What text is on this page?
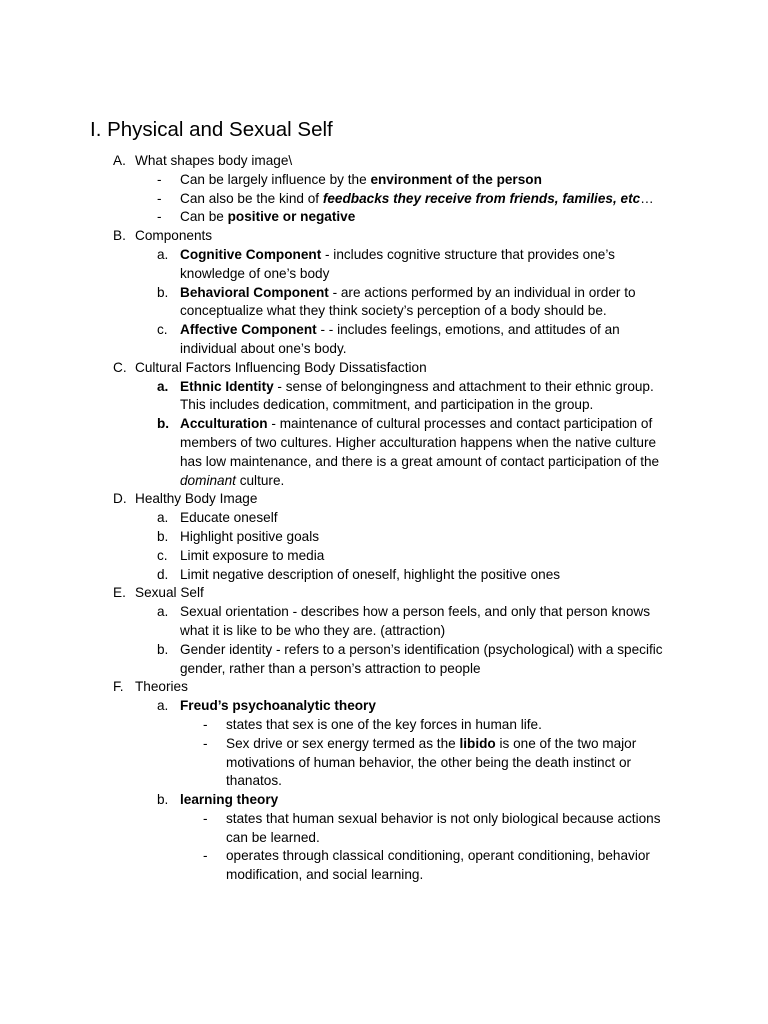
I. Physical and Sexual Self
A. What shapes body image\
- Can be largely influence by the environment of the person
- Can also be the kind of feedbacks they receive from friends, families, etc…
- Can be positive or negative
B. Components
a. Cognitive Component - includes cognitive structure that provides one’s knowledge of one’s body
b. Behavioral Component - are actions performed by an individual in order to conceptualize what they think society’s perception of a body should be.
c. Affective Component - - includes feelings, emotions, and attitudes of an individual about one’s body.
C. Cultural Factors Influencing Body Dissatisfaction
a. Ethnic Identity - sense of belongingness and attachment to their ethnic group. This includes dedication, commitment, and participation in the group.
b. Acculturation - maintenance of cultural processes and contact participation of members of two cultures. Higher acculturation happens when the native culture has low maintenance, and there is a great amount of contact participation of the dominant culture.
D. Healthy Body Image
a. Educate oneself
b. Highlight positive goals
c. Limit exposure to media
d. Limit negative description of oneself, highlight the positive ones
E. Sexual Self
a. Sexual orientation - describes how a person feels, and only that person knows what it is like to be who they are. (attraction)
b. Gender identity - refers to a person’s identification (psychological) with a specific gender, rather than a person’s attraction to people
F. Theories
a. Freud’s psychoanalytic theory
- states that sex is one of the key forces in human life.
- Sex drive or sex energy termed as the libido is one of the two major motivations of human behavior, the other being the death instinct or thanatos.
b. learning theory
- states that human sexual behavior is not only biological because actions can be learned.
- operates through classical conditioning, operant conditioning, behavior modification, and social learning.
